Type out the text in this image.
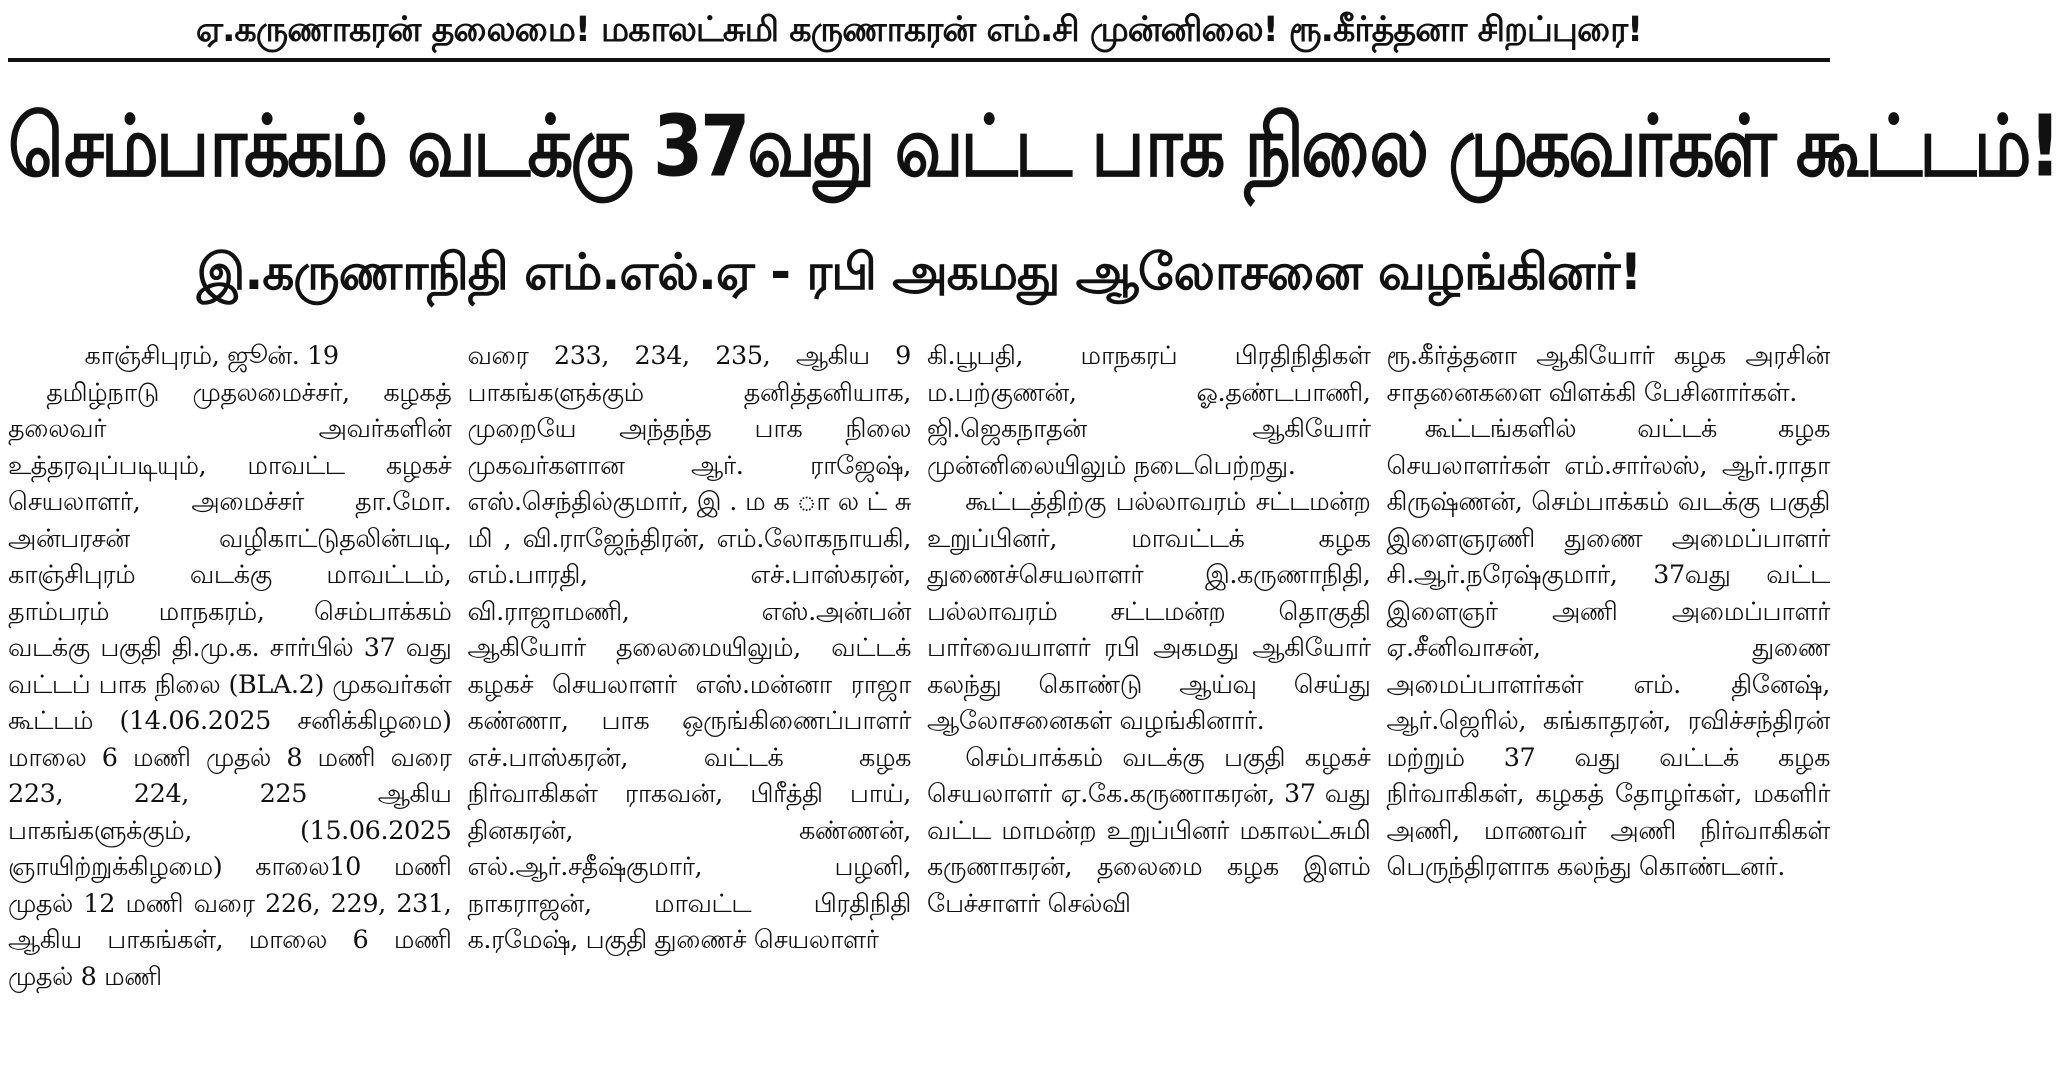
ஏ.கருணாகரன் தலைமை! மகாலட்சுமி கருணாகரன் எம்.சி முன்னிலை! ரூ.கீர்த்தனா சிறப்புரை!
செம்பாக்கம் வடக்கு 37வது வட்ட பாக நிலை முகவர்கள் கூட்டம்!
இ.கருணாநிதி எம்.எல்.ஏ - ரபி அகமது ஆலோசனை வழங்கினர்!
காஞ்சிபுரம், ஜூன். 19

தமிழ்நாடு முதலமைச்சர், கழகத் தலைவர் அவர்களின் உத்தரவுப்படியும், மாவட்ட கழகச் செயலாளர், அமைச்சர் தா.மோ. அன்பரசன் வழிகாட்டுதலின்படி, காஞ்சிபுரம் வடக்கு மாவட்டம், தாம்பரம் மாநகரம், செம்பாக்கம் வடக்கு பகுதி தி.மு.க. சார்பில் 37 வது வட்டப் பாக நிலை (BLA.2) முகவர்கள் கூட்டம் (14.06.2025 சனிக்கிழமை) மாலை 6 மணி முதல் 8 மணி வரை 223, 224, 225 ஆகிய பாகங்களுக்கும், (15.06.2025 ஞாயிற்றுக்கிழமை) காலை10 மணி முதல் 12 மணி வரை 226, 229, 231, ஆகிய பாகங்கள், மாலை 6 மணி முதல் 8 மணி

வரை 233, 234, 235, ஆகிய 9 பாகங்களுக்கும் தனித்தனியாக, முறையே அந்தந்த பாக நிலை முகவர்களான ஆர். ராஜேஷ், எஸ்.செந்தில்குமார், இ . ம க ா ல ட் சு மி , வி.ராஜேந்திரன், எம்.லோகநாயகி, எம்.பாரதி, எச்.பாஸ்கரன், வி.ராஜாமணி, எஸ்.அன்பன் ஆகியோர் தலைமையிலும், வட்டக் கழகச் செயலாளர் எஸ்.மன்னா ராஜா கண்ணா, பாக ஒருங்கிணைப்பாளர் எச்.பாஸ்கரன், வட்டக் கழக நிர்வாகிகள் ராகவன், பிரீத்தி பாய், தினகரன், கண்ணன், எல்.ஆர்.சதீஷ்குமார், பழனி, நாகராஜன், மாவட்ட பிரதிநிதி க.ரமேஷ், பகுதி துணைச் செயலாளர்

கி.பூபதி, மாநகரப் பிரதிநிதிகள் ம.பற்குணன், ஓ.தண்டபாணி, ஜி.ஜெகநாதன் ஆகியோர் முன்னிலையிலும் நடைபெற்றது.

கூட்டத்திற்கு பல்லாவரம் சட்டமன்ற உறுப்பினர், மாவட்டக் கழக துணைச்செயலாளர் இ.கருணாநிதி, பல்லாவரம் சட்டமன்ற தொகுதி பார்வையாளர் ரபி அகமது ஆகியோர் கலந்து கொண்டு ஆய்வு செய்து ஆலோசனைகள் வழங்கினார்.

செம்பாக்கம் வடக்கு பகுதி கழகச் செயலாளர் ஏ.கே.கருணாகரன், 37 வது வட்ட மாமன்ற உறுப்பினர் மகாலட்சுமி கருணாகரன், தலைமை கழக இளம் பேச்சாளர் செல்வி

ரூ.கீர்த்தனா ஆகியோர் கழக அரசின் சாதனைகளை விளக்கி பேசினார்கள்.

கூட்டங்களில் வட்டக் கழக செயலாளர்கள் எம்.சார்லஸ், ஆர்.ராதா கிருஷ்ணன், செம்பாக்கம் வடக்கு பகுதி இளைஞரணி துணை அமைப்பாளர் சி.ஆர்.நரேஷ்குமார், 37வது வட்ட இளைஞர் அணி அமைப்பாளர் ஏ.சீனிவாசன், துணை அமைப்பாளர்கள் எம். தினேஷ், ஆர்.ஜெரில், கங்காதரன், ரவிச்சந்திரன் மற்றும் 37 வது வட்டக் கழக நிர்வாகிகள், கழகத் தோழர்கள், மகளிர் அணி, மாணவர் அணி நிர்வாகிகள் பெருந்திரளாக கலந்து கொண்டனர்.
